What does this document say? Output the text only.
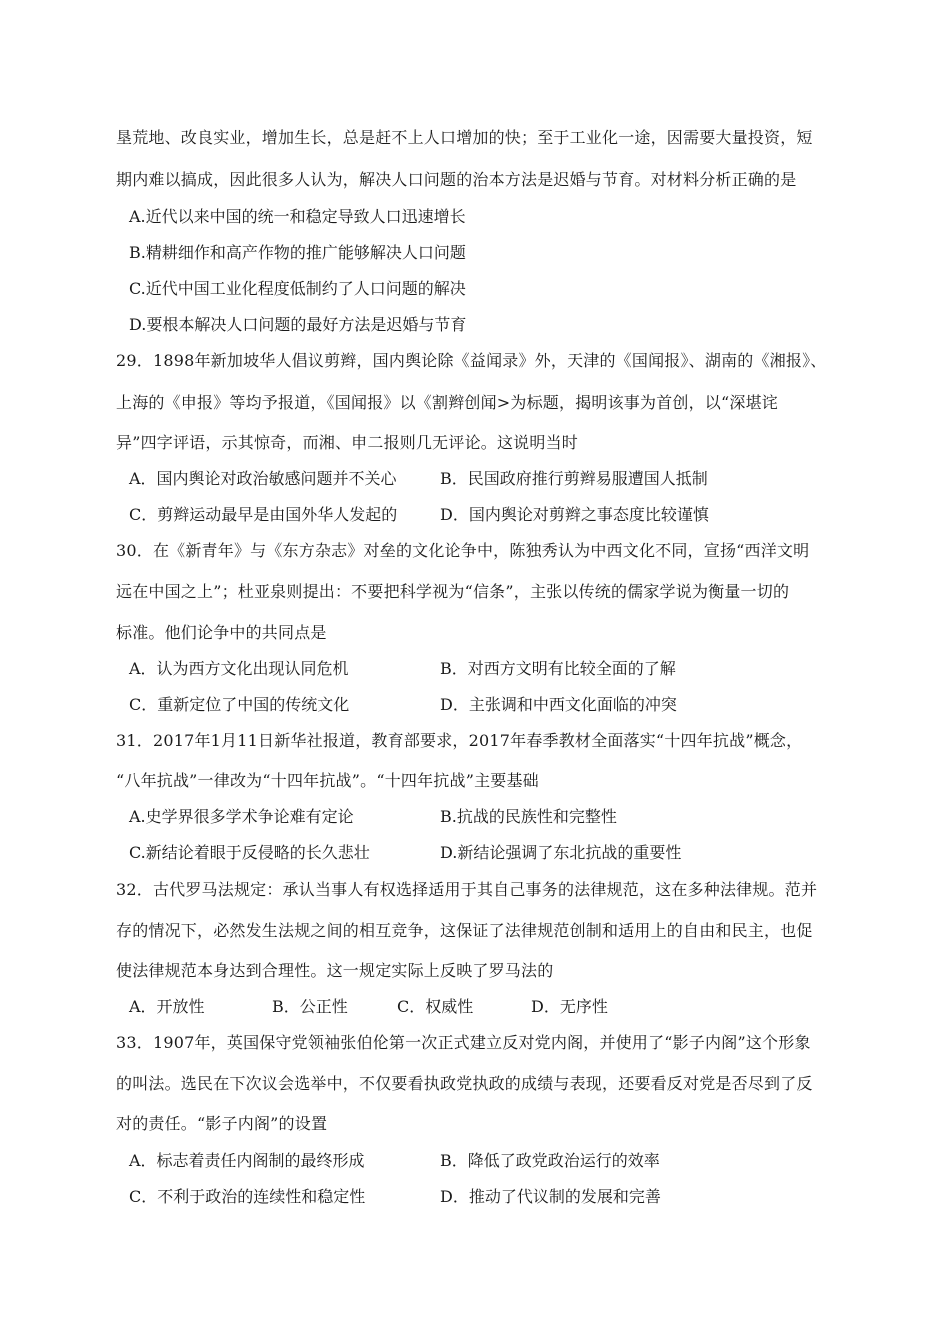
垦荒地、改良实业，增加生长，总是赶不上人口增加的快；至于工业化一途，因需要大量投资，短
期内难以搞成，因此很多人认为，解决人口问题的治本方法是迟婚与节育。对材料分析正确的是
A.近代以来中国的统一和稳定导致人口迅速增长
B.精耕细作和高产作物的推广能够解决人口问题
C.近代中国工业化程度低制约了人口问题的解决
D.要根本解决人口问题的最好方法是迟婚与节育
29．1898年新加坡华人倡议剪辫，国内舆论除《益闻录》外，天津的《国闻报》、湖南的《湘报》、
上海的《申报》等均予报道，《国闻报》以《割辫创闻>为标题，揭明该事为首创，以“深堪诧
异”四字评语，示其惊奇，而湘、申二报则几无评论。这说明当时
A．国内舆论对政治敏感问题并不关心	B．民国政府推行剪辫易服遭国人抵制
C．剪辫运动最早是由国外华人发起的	D．国内舆论对剪辫之事态度比较谨慎
30．在《新青年》与《东方杂志》对垒的文化论争中，陈独秀认为中西文化不同，宣扬“西洋文明
远在中国之上”；杜亚泉则提出：不要把科学视为“信条”，主张以传统的儒家学说为衡量一切的
标准。他们论争中的共同点是
A．认为西方文化出现认同危机	B．对西方文明有比较全面的了解
C．重新定位了中国的传统文化	D．主张调和中西文化面临的冲突
31．2017年1月11日新华社报道，教育部要求，2017年春季教材全面落实“十四年抗战”概念，
“八年抗战”一律改为“十四年抗战”。“十四年抗战”主要基础
A.史学界很多学术争论难有定论	B.抗战的民族性和完整性
C.新结论着眼于反侵略的长久悲壮	D.新结论强调了东北抗战的重要性
32．古代罗马法规定：承认当事人有权选择适用于其自己事务的法律规范，这在多种法律规。范并
存的情况下，必然发生法规之间的相互竞争，这保证了法律规范创制和适用上的自由和民主，也促
使法律规范本身达到合理性。这一规定实际上反映了罗马法的
A．开放性	B．公正性	C．权威性	D．无序性
33．1907年，英国保守党领袖张伯伦第一次正式建立反对党内阁，并使用了“影子内阁”这个形象
的叫法。选民在下次议会选举中，不仅要看执政党执政的成绩与表现，还要看反对党是否尽到了反
对的责任。“影子内阁”的设置
A．标志着责任内阁制的最终形成	B．降低了政党政治运行的效率
C．不利于政治的连续性和稳定性	D．推动了代议制的发展和完善
